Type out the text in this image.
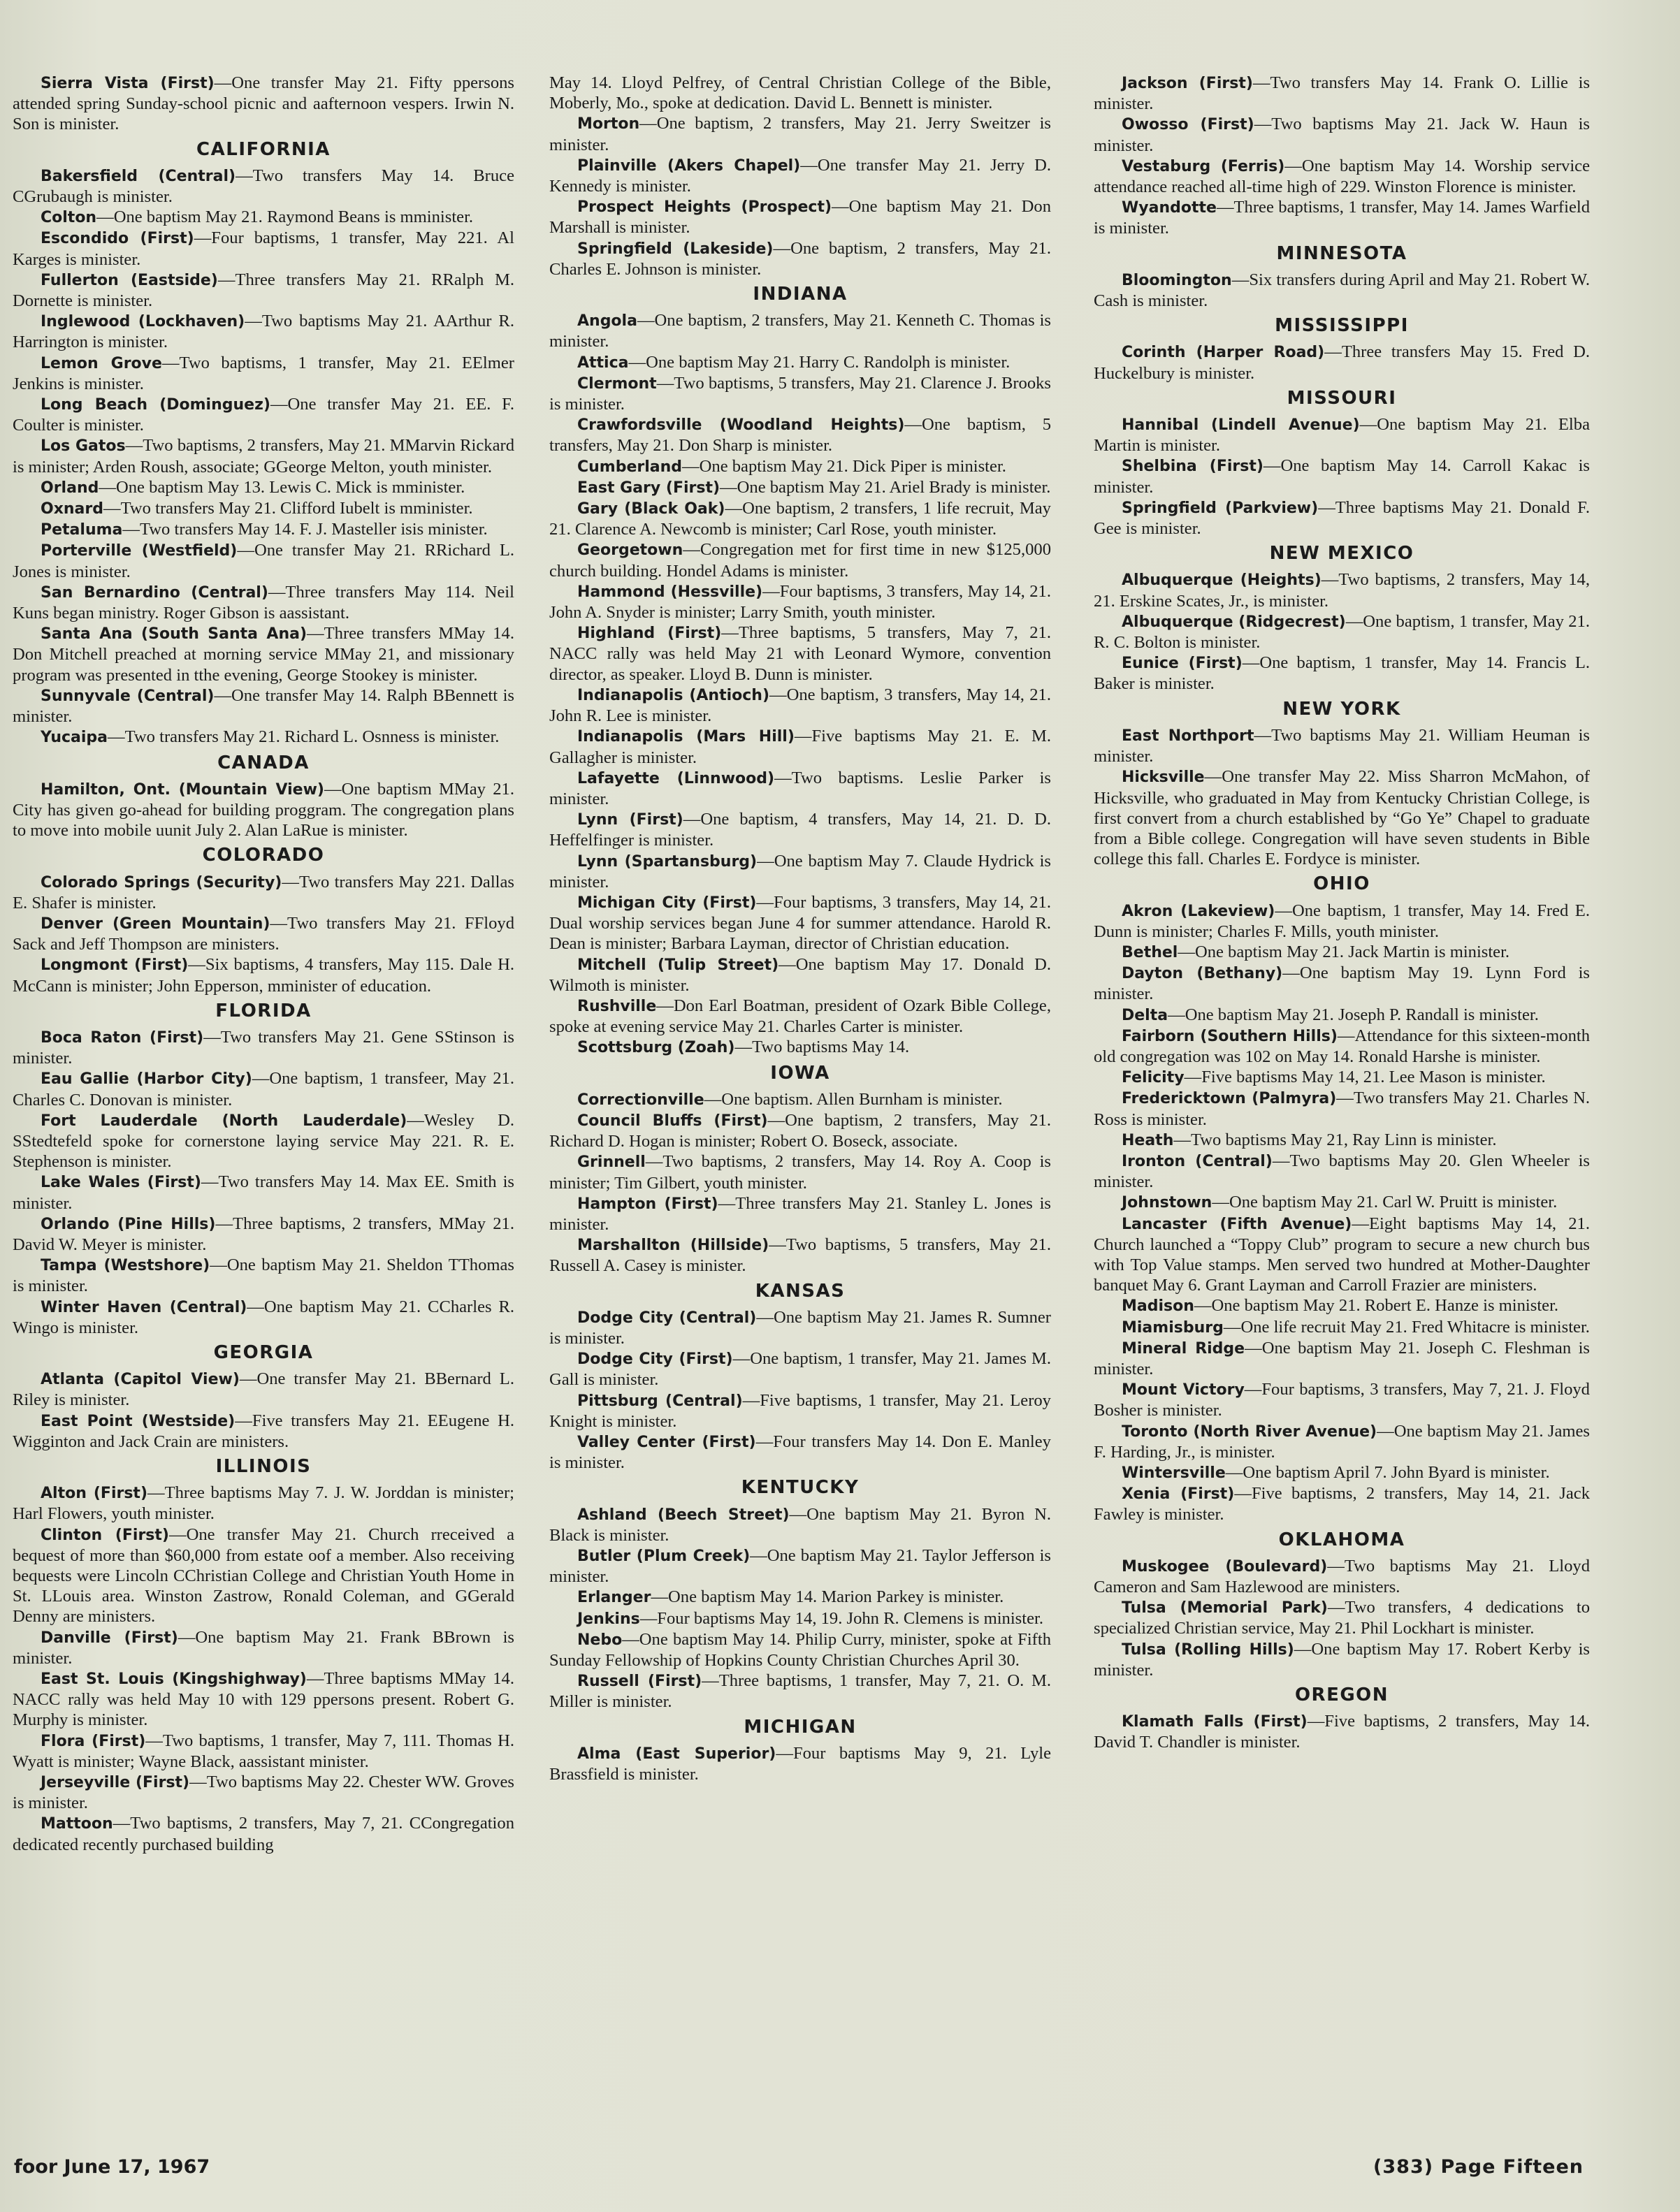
Sierra Vista (First)—One transfer May 21. Fifty ppersons attended spring Sunday-school picnic and aafternoon vespers. Irwin N. Son is minister.

CALIFORNIA

Bakersfield (Central)—Two transfers May 14. Bruce CGrubaugh is minister.

Colton—One baptism May 21. Raymond Beans is mminister.

Escondido (First)—Four baptisms, 1 transfer, May 221. Al Karges is minister.

Fullerton (Eastside)—Three transfers May 21. RRalph M. Dornette is minister.

Inglewood (Lockhaven)—Two baptisms May 21. AArthur R. Harrington is minister.

Lemon Grove—Two baptisms, 1 transfer, May 21. EElmer Jenkins is minister.

Long Beach (Dominguez)—One transfer May 21. EE. F. Coulter is minister.

Los Gatos—Two baptisms, 2 transfers, May 21. MMarvin Rickard is minister; Arden Roush, associate; GGeorge Melton, youth minister.

Orland—One baptism May 13. Lewis C. Mick is mminister.

Oxnard—Two transfers May 21. Clifford Iubelt is mminister.

Petaluma—Two transfers May 14. F. J. Masteller isis minister.

Porterville (Westfield)—One transfer May 21. RRichard L. Jones is minister.

San Bernardino (Central)—Three transfers May 114. Neil Kuns began ministry. Roger Gibson is aassistant.

Santa Ana (South Santa Ana)—Three transfers MMay 14. Don Mitchell preached at morning service MMay 21, and missionary program was presented in tthe evening, George Stookey is minister.

Sunnyvale (Central)—One transfer May 14. Ralph BBennett is minister.

Yucaipa—Two transfers May 21. Richard L. Osnness is minister.

CANADA

Hamilton, Ont. (Mountain View)—One baptism MMay 21. City has given go-ahead for building proggram. The congregation plans to move into mobile uunit July 2. Alan LaRue is minister.

COLORADO

Colorado Springs (Security)—Two transfers May 221. Dallas E. Shafer is minister.

Denver (Green Mountain)—Two transfers May 21. FFloyd Sack and Jeff Thompson are ministers.

Longmont (First)—Six baptisms, 4 transfers, May 115. Dale H. McCann is minister; John Epperson, mminister of education.

FLORIDA

Boca Raton (First)—Two transfers May 21. Gene SStinson is minister.

Eau Gallie (Harbor City)—One baptism, 1 transfeer, May 21. Charles C. Donovan is minister.

Fort Lauderdale (North Lauderdale)—Wesley D. SStedtefeld spoke for cornerstone laying service May 221. R. E. Stephenson is minister.

Lake Wales (First)—Two transfers May 14. Max EE. Smith is minister.

Orlando (Pine Hills)—Three baptisms, 2 transfers, MMay 21. David W. Meyer is minister.

Tampa (Westshore)—One baptism May 21. Sheldon TThomas is minister.

Winter Haven (Central)—One baptism May 21. CCharles R. Wingo is minister.

GEORGIA

Atlanta (Capitol View)—One transfer May 21. BBernard L. Riley is minister.

East Point (Westside)—Five transfers May 21. EEugene H. Wigginton and Jack Crain are ministers.

ILLINOIS

Alton (First)—Three baptisms May 7. J. W. Jorddan is minister; Harl Flowers, youth minister.

Clinton (First)—One transfer May 21. Church rreceived a bequest of more than $60,000 from estate oof a member. Also receiving bequests were Lincoln CChristian College and Christian Youth Home in St. LLouis area. Winston Zastrow, Ronald Coleman, and GGerald Denny are ministers.

Danville (First)—One baptism May 21. Frank BBrown is minister.

East St. Louis (Kingshighway)—Three baptisms MMay 14. NACC rally was held May 10 with 129 ppersons present. Robert G. Murphy is minister.

Flora (First)—Two baptisms, 1 transfer, May 7, 111. Thomas H. Wyatt is minister; Wayne Black, aassistant minister.

Jerseyville (First)—Two baptisms May 22. Chester WW. Groves is minister.

Mattoon—Two baptisms, 2 transfers, May 7, 21. CCongregation dedicated recently purchased building

May 14. Lloyd Pelfrey, of Central Christian College of the Bible, Moberly, Mo., spoke at dedication. David L. Bennett is minister.

Morton—One baptism, 2 transfers, May 21. Jerry Sweitzer is minister.

Plainville (Akers Chapel)—One transfer May 21. Jerry D. Kennedy is minister.

Prospect Heights (Prospect)—One baptism May 21. Don Marshall is minister.

Springfield (Lakeside)—One baptism, 2 transfers, May 21. Charles E. Johnson is minister.

INDIANA

Angola—One baptism, 2 transfers, May 21. Kenneth C. Thomas is minister.

Attica—One baptism May 21. Harry C. Randolph is minister.

Clermont—Two baptisms, 5 transfers, May 21. Clarence J. Brooks is minister.

Crawfordsville (Woodland Heights)—One baptism, 5 transfers, May 21. Don Sharp is minister.

Cumberland—One baptism May 21. Dick Piper is minister.

East Gary (First)—One baptism May 21. Ariel Brady is minister.

Gary (Black Oak)—One baptism, 2 transfers, 1 life recruit, May 21. Clarence A. Newcomb is minister; Carl Rose, youth minister.

Georgetown—Congregation met for first time in new $125,000 church building. Hondel Adams is minister.

Hammond (Hessville)—Four baptisms, 3 transfers, May 14, 21. John A. Snyder is minister; Larry Smith, youth minister.

Highland (First)—Three baptisms, 5 transfers, May 7, 21. NACC rally was held May 21 with Leonard Wymore, convention director, as speaker. Lloyd B. Dunn is minister.

Indianapolis (Antioch)—One baptism, 3 transfers, May 14, 21. John R. Lee is minister.

Indianapolis (Mars Hill)—Five baptisms May 21. E. M. Gallagher is minister.

Lafayette (Linnwood)—Two baptisms. Leslie Parker is minister.

Lynn (First)—One baptism, 4 transfers, May 14, 21. D. D. Heffelfinger is minister.

Lynn (Spartansburg)—One baptism May 7. Claude Hydrick is minister.

Michigan City (First)—Four baptisms, 3 transfers, May 14, 21. Dual worship services began June 4 for summer attendance. Harold R. Dean is minister; Barbara Layman, director of Christian education.

Mitchell (Tulip Street)—One baptism May 17. Donald D. Wilmoth is minister.

Rushville—Don Earl Boatman, president of Ozark Bible College, spoke at evening service May 21. Charles Carter is minister.

Scottsburg (Zoah)—Two baptisms May 14.

IOWA

Correctionville—One baptism. Allen Burnham is minister.

Council Bluffs (First)—One baptism, 2 transfers, May 21. Richard D. Hogan is minister; Robert O. Boseck, associate.

Grinnell—Two baptisms, 2 transfers, May 14. Roy A. Coop is minister; Tim Gilbert, youth minister.

Hampton (First)—Three transfers May 21. Stanley L. Jones is minister.

Marshallton (Hillside)—Two baptisms, 5 transfers, May 21. Russell A. Casey is minister.

KANSAS

Dodge City (Central)—One baptism May 21. James R. Sumner is minister.

Dodge City (First)—One baptism, 1 transfer, May 21. James M. Gall is minister.

Pittsburg (Central)—Five baptisms, 1 transfer, May 21. Leroy Knight is minister.

Valley Center (First)—Four transfers May 14. Don E. Manley is minister.

KENTUCKY

Ashland (Beech Street)—One baptism May 21. Byron N. Black is minister.

Butler (Plum Creek)—One baptism May 21. Taylor Jefferson is minister.

Erlanger—One baptism May 14. Marion Parkey is minister.

Jenkins—Four baptisms May 14, 19. John R. Clemens is minister.

Nebo—One baptism May 14. Philip Curry, minister, spoke at Fifth Sunday Fellowship of Hopkins County Christian Churches April 30.

Russell (First)—Three baptisms, 1 transfer, May 7, 21. O. M. Miller is minister.

MICHIGAN

Alma (East Superior)—Four baptisms May 9, 21. Lyle Brassfield is minister.

Jackson (First)—Two transfers May 14. Frank O. Lillie is minister.

Owosso (First)—Two baptisms May 21. Jack W. Haun is minister.

Vestaburg (Ferris)—One baptism May 14. Worship service attendance reached all-time high of 229. Winston Florence is minister.

Wyandotte—Three baptisms, 1 transfer, May 14. James Warfield is minister.

MINNESOTA

Bloomington—Six transfers during April and May 21. Robert W. Cash is minister.

MISSISSIPPI

Corinth (Harper Road)—Three transfers May 15. Fred D. Huckelbury is minister.

MISSOURI

Hannibal (Lindell Avenue)—One baptism May 21. Elba Martin is minister.

Shelbina (First)—One baptism May 14. Carroll Kakac is minister.

Springfield (Parkview)—Three baptisms May 21. Donald F. Gee is minister.

NEW MEXICO

Albuquerque (Heights)—Two baptisms, 2 transfers, May 14, 21. Erskine Scates, Jr., is minister.

Albuquerque (Ridgecrest)—One baptism, 1 transfer, May 21. R. C. Bolton is minister.

Eunice (First)—One baptism, 1 transfer, May 14. Francis L. Baker is minister.

NEW YORK

East Northport—Two baptisms May 21. William Heuman is minister.

Hicksville—One transfer May 22. Miss Sharron McMahon, of Hicksville, who graduated in May from Kentucky Christian College, is first convert from a church established by “Go Ye” Chapel to graduate from a Bible college. Congregation will have seven students in Bible college this fall. Charles E. Fordyce is minister.

OHIO

Akron (Lakeview)—One baptism, 1 transfer, May 14. Fred E. Dunn is minister; Charles F. Mills, youth minister.

Bethel—One baptism May 21. Jack Martin is minister.

Dayton (Bethany)—One baptism May 19. Lynn Ford is minister.

Delta—One baptism May 21. Joseph P. Randall is minister.

Fairborn (Southern Hills)—Attendance for this sixteen-month old congregation was 102 on May 14. Ronald Harshe is minister.

Felicity—Five baptisms May 14, 21. Lee Mason is minister.

Fredericktown (Palmyra)—Two transfers May 21. Charles N. Ross is minister.

Heath—Two baptisms May 21, Ray Linn is minister.

Ironton (Central)—Two baptisms May 20. Glen Wheeler is minister.

Johnstown—One baptism May 21. Carl W. Pruitt is minister.

Lancaster (Fifth Avenue)—Eight baptisms May 14, 21. Church launched a “Toppy Club” program to secure a new church bus with Top Value stamps. Men served two hundred at Mother-Daughter banquet May 6. Grant Layman and Carroll Frazier are ministers.

Madison—One baptism May 21. Robert E. Hanze is minister.

Miamisburg—One life recruit May 21. Fred Whitacre is minister.

Mineral Ridge—One baptism May 21. Joseph C. Fleshman is minister.

Mount Victory—Four baptisms, 3 transfers, May 7, 21. J. Floyd Bosher is minister.

Toronto (North River Avenue)—One baptism May 21. James F. Harding, Jr., is minister.

Wintersville—One baptism April 7. John Byard is minister.

Xenia (First)—Five baptisms, 2 transfers, May 14, 21. Jack Fawley is minister.

OKLAHOMA

Muskogee (Boulevard)—Two baptisms May 21. Lloyd Cameron and Sam Hazlewood are ministers.

Tulsa (Memorial Park)—Two transfers, 4 dedications to specialized Christian service, May 21. Phil Lockhart is minister.

Tulsa (Rolling Hills)—One baptism May 17. Robert Kerby is minister.

OREGON

Klamath Falls (First)—Five baptisms, 2 transfers, May 14. David T. Chandler is minister.

foor June 17, 1967	(383) Page Fifteen
